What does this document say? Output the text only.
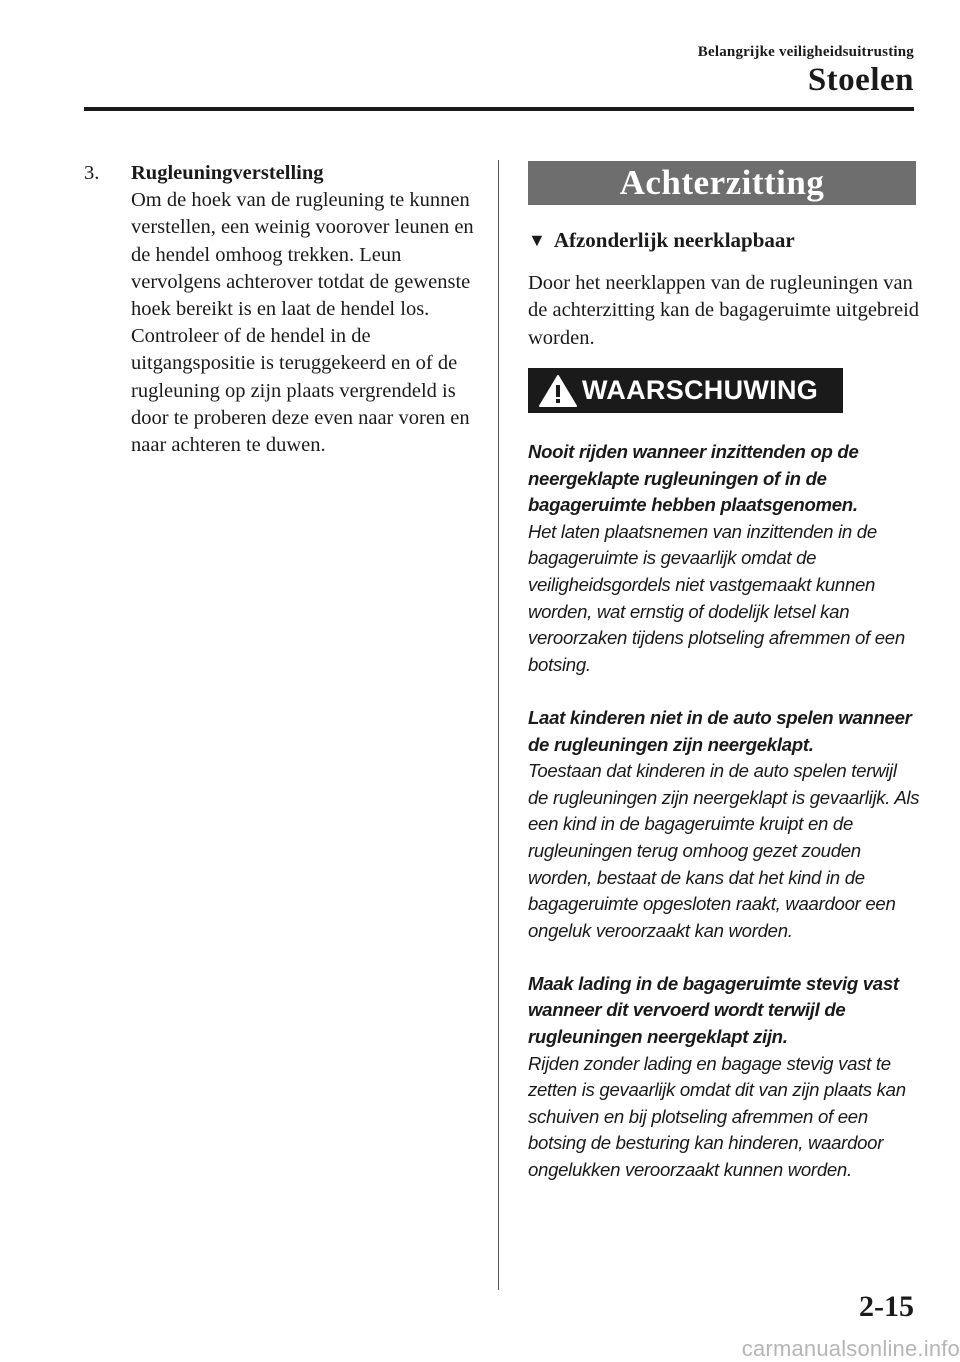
Belangrijke veiligheidsuitrusting
Stoelen
3.	Rugleuningverstelling

Om de hoek van de rugleuning te kunnen verstellen, een weinig voorover leunen en de hendel omhoog trekken. Leun vervolgens achterover totdat de gewenste hoek bereikt is en laat de hendel los.

Controleer of de hendel in de uitgangspositie is teruggekeerd en of de rugleuning op zijn plaats vergrendeld is door te proberen deze even naar voren en naar achteren te duwen.

Achterzitting
▼ Afzonderlijk neerklapbaar

Door het neerklappen van de rugleuningen van de achterzitting kan de bagageruimte uitgebreid worden.

WAARSCHUWING

Nooit rijden wanneer inzittenden op de neergeklapte rugleuningen of in de bagageruimte hebben plaatsgenomen.

Het laten plaatsnemen van inzittenden in de bagageruimte is gevaarlijk omdat de veiligheidsgordels niet vastgemaakt kunnen worden, wat ernstig of dodelijk letsel kan veroorzaken tijdens plotseling afremmen of een botsing.

Laat kinderen niet in de auto spelen wanneer de rugleuningen zijn neergeklapt.

Toestaan dat kinderen in de auto spelen terwijl de rugleuningen zijn neergeklapt is gevaarlijk. Als een kind in de bagageruimte kruipt en de rugleuningen terug omhoog gezet zouden worden, bestaat de kans dat het kind in de bagageruimte opgesloten raakt, waardoor een ongeluk veroorzaakt kan worden.

Maak lading in de bagageruimte stevig vast wanneer dit vervoerd wordt terwijl de rugleuningen neergeklapt zijn.

Rijden zonder lading en bagage stevig vast te zetten is gevaarlijk omdat dit van zijn plaats kan schuiven en bij plotseling afremmen of een botsing de besturing kan hinderen, waardoor ongelukken veroorzaakt kunnen worden.

2-15
carmanualsonline.info
